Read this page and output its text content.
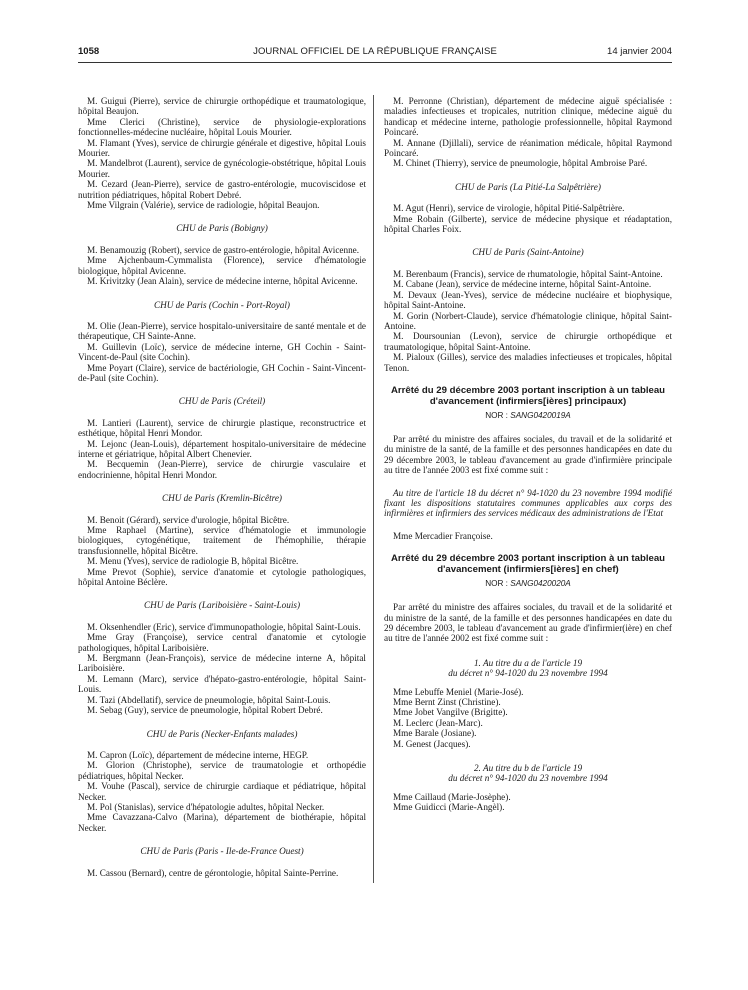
1058	JOURNAL OFFICIEL DE LA RÉPUBLIQUE FRANÇAISE	14 janvier 2004

M. Guigui (Pierre), service de chirurgie orthopédique et traumatologique, hôpital Beaujon.

Mme Clerici (Christine), service de physiologie-explorations fonctionnelles-médecine nucléaire, hôpital Louis Mourier.

M. Flamant (Yves), service de chirurgie générale et digestive, hôpital Louis Mourier.

M. Mandelbrot (Laurent), service de gynécologie-obstétrique, hôpital Louis Mourier.

M. Cezard (Jean-Pierre), service de gastro-entérologie, mucoviscidose et nutrition pédiatriques, hôpital Robert Debré.

Mme Vilgrain (Valérie), service de radiologie, hôpital Beaujon.

CHU de Paris (Bobigny)

M. Benamouzig (Robert), service de gastro-entérologie, hôpital Avicenne.

Mme Ajchenbaum-Cymmalista (Florence), service d'hématologie biologique, hôpital Avicenne.

M. Krivitzky (Jean Alain), service de médecine interne, hôpital Avicenne.

CHU de Paris (Cochin - Port-Royal)

M. Olie (Jean-Pierre), service hospitalo-universitaire de santé mentale et de thérapeutique, CH Sainte-Anne.

M. Guillevin (Loïc), service de médecine interne, GH Cochin - Saint-Vincent-de-Paul (site Cochin).

Mme Poyart (Claire), service de bactériologie, GH Cochin - Saint-Vincent-de-Paul (site Cochin).

CHU de Paris (Créteil)

M. Lantieri (Laurent), service de chirurgie plastique, reconstructrice et esthétique, hôpital Henri Mondor.

M. Lejonc (Jean-Louis), département hospitalo-universitaire de médecine interne et gériatrique, hôpital Albert Chenevier.

M. Becquemin (Jean-Pierre), service de chirurgie vasculaire et endocrinienne, hôpital Henri Mondor.

CHU de Paris (Kremlin-Bicêtre)

M. Benoit (Gérard), service d'urologie, hôpital Bicêtre.

Mme Raphael (Martine), service d'hématologie et immunologie biologiques, cytogénétique, traitement de l'hémophilie, thérapie transfusionnelle, hôpital Bicêtre.

M. Menu (Yves), service de radiologie B, hôpital Bicêtre.

Mme Prevot (Sophie), service d'anatomie et cytologie pathologiques, hôpital Antoine Béclère.

CHU de Paris (Lariboisière - Saint-Louis)

M. Oksenhendler (Eric), service d'immunopathologie, hôpital Saint-Louis.

Mme Gray (Françoise), service central d'anatomie et cytologie pathologiques, hôpital Lariboisière.

M. Bergmann (Jean-François), service de médecine interne A, hôpital Lariboisière.

M. Lemann (Marc), service d'hépato-gastro-entérologie, hôpital Saint-Louis.

M. Tazi (Abdellatif), service de pneumologie, hôpital Saint-Louis.

M. Sebag (Guy), service de pneumologie, hôpital Robert Debré.

CHU de Paris (Necker-Enfants malades)

M. Capron (Loïc), département de médecine interne, HEGP.

M. Glorion (Christophe), service de traumatologie et orthopédie pédiatriques, hôpital Necker.

M. Vouhe (Pascal), service de chirurgie cardiaque et pédiatrique, hôpital Necker.

M. Pol (Stanislas), service d'hépatologie adultes, hôpital Necker.

Mme Cavazzana-Calvo (Marina), département de biothérapie, hôpital Necker.

CHU de Paris (Paris - Ile-de-France Ouest)

M. Cassou (Bernard), centre de gérontologie, hôpital Sainte-Perrine.

M. Perronne (Christian), département de médecine aiguë spécialisée : maladies infectieuses et tropicales, nutrition clinique, médecine aiguë du handicap et médecine interne, pathologie professionnelle, hôpital Raymond Poincaré.

M. Annane (Djillali), service de réanimation médicale, hôpital Raymond Poincaré.

M. Chinet (Thierry), service de pneumologie, hôpital Ambroise Paré.

CHU de Paris (La Pitié-La Salpêtrière)

M. Agut (Henri), service de virologie, hôpital Pitié-Salpêtrière.

Mme Robain (Gilberte), service de médecine physique et réadaptation, hôpital Charles Foix.

CHU de Paris (Saint-Antoine)

M. Berenbaum (Francis), service de rhumatologie, hôpital Saint-Antoine.

M. Cabane (Jean), service de médecine interne, hôpital Saint-Antoine.

M. Devaux (Jean-Yves), service de médecine nucléaire et biophysique, hôpital Saint-Antoine.

M. Gorin (Norbert-Claude), service d'hématologie clinique, hôpital Saint-Antoine.

M. Doursounian (Levon), service de chirurgie orthopédique et traumatologique, hôpital Saint-Antoine.

M. Pialoux (Gilles), service des maladies infectieuses et tropicales, hôpital Tenon.

Arrêté du 29 décembre 2003 portant inscription à un tableau d'avancement (infirmiers[ières] principaux)
NOR : SANG0420019A

Par arrêté du ministre des affaires sociales, du travail et de la solidarité et du ministre de la santé, de la famille et des personnes handicapées en date du 29 décembre 2003, le tableau d'avancement au grade d'infirmière principale au titre de l'année 2003 est fixé comme suit :

Au titre de l'article 18 du décret n° 94-1020 du 23 novembre 1994 modifié fixant les dispositions statutaires communes applicables aux corps des infirmières et infirmiers des services médicaux des administrations de l'Etat

Mme Mercadier Françoise.

Arrêté du 29 décembre 2003 portant inscription à un tableau d'avancement (infirmiers[ières] en chef)
NOR : SANG0420020A

Par arrêté du ministre des affaires sociales, du travail et de la solidarité et du ministre de la santé, de la famille et des personnes handicapées en date du 29 décembre 2003, le tableau d'avancement au grade d'infirmier(ière) en chef au titre de l'année 2002 est fixé comme suit :

1. Au titre du a de l'article 19
du décret n° 94-1020 du 23 novembre 1994

Mme Lebuffe Meniel (Marie-José).

Mme Bernt Zinst (Christine).

Mme Jobet Vangilve (Brigitte).

M. Leclerc (Jean-Marc).

Mme Barale (Josiane).

M. Genest (Jacques).

2. Au titre du b de l'article 19
du décret n° 94-1020 du 23 novembre 1994

Mme Caillaud (Marie-Josèphe).

Mme Guidicci (Marie-Angèl).
